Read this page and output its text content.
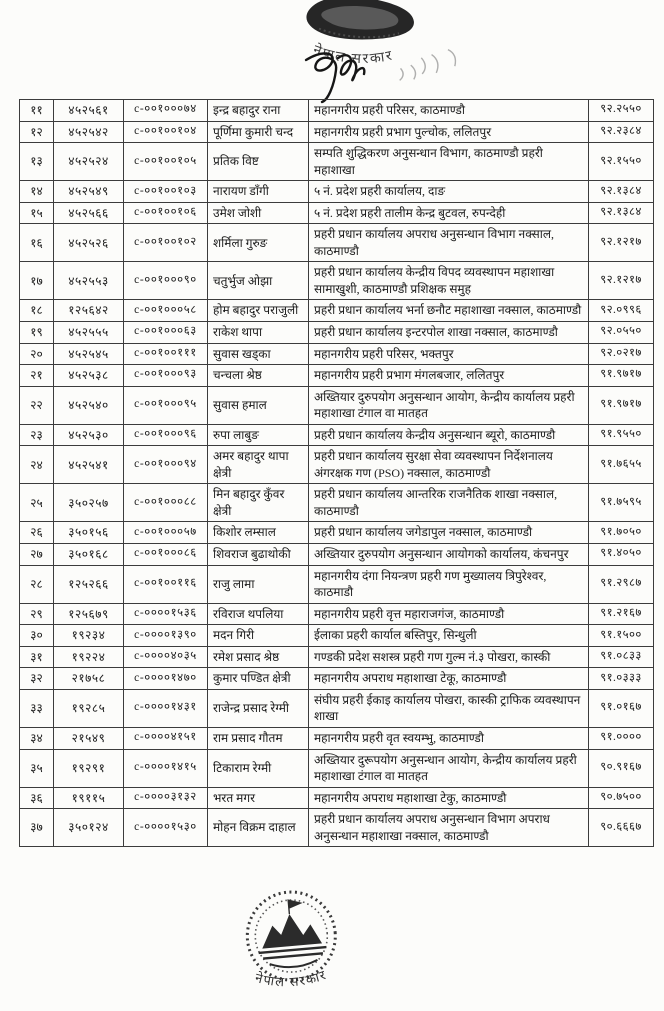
नेपाल सरकार
११	४५२५६१	c-००१०००७४	इन्द्र बहादुर राना	महानगरीय प्रहरी परिसर, काठमाण्डौ	९२.२५५०
१२	४५२५४२	c-००१००१०४	पूर्णिमा कुमारी चन्द	महानगरीय प्रहरी प्रभाग पुल्चोक, ललितपुर	९२.२३८४
१३	४५२५२४	c-००१००१०५	प्रतिक विष्ट	सम्पति शुद्धिकरण अनुसन्धान विभाग, काठमाण्डौ प्रहरी महाशाखा	९२.१५५०
१४	४५२५४९	c-००१००१०३	नारायण डाँगी	५ नं. प्रदेश प्रहरी कार्यालय, दाङ	९२.१३८४
१५	४५२५६६	c-००१००१०६	उमेश जोशी	५ नं. प्रदेश प्रहरी तालीम केन्द्र बुटवल, रुपन्देही	९२.१३८४
१६	४५२५२६	c-००१००१०२	शर्मिला गुरुङ	प्रहरी प्रधान कार्यालय अपराध अनुसन्धान विभाग नक्साल, काठमाण्डौ	९२.१२१७
१७	४५२५५३	c-००१०००९०	चतुर्भुज ओझा	प्रहरी प्रधान कार्यालय केन्द्रीय विपद व्यवस्थापन महाशाखा सामाखुशी, काठमाण्डौ प्रशिक्षक समुह	९२.१२१७
१८	१२५६४२	c-००१०००५८	होम बहादुर पराजुली	प्रहरी प्रधान कार्यालय भर्ना छनौट महाशाखा नक्साल, काठमाण्डौ	९२.०९९६
१९	४५२५५५	c-००१०००६३	राकेश थापा	प्रहरी प्रधान कार्यालय इन्टरपोल शाखा नक्साल, काठमाण्डौ	९२.०५५०
२०	४५२५४५	c-००१००१११	सुवास खड्का	महानगरीय प्रहरी परिसर, भक्तपुर	९२.०२१७
२१	४५२५३८	c-००१०००९३	चन्चला श्रेष्ठ	महानगरीय प्रहरी प्रभाग मंगलबजार, ललितपुर	९१.९७१७
२२	४५२५४०	c-००१०००९५	सुवास हमाल	अख्तियार दुरुपयोग अनुसन्धान आयोग, केन्द्रीय कार्यालय प्रहरी महाशाखा टंगाल वा मातहत	९१.९७१७
२३	४५२५३०	c-००१०००९६	रुपा लाबुङ	प्रहरी प्रधान कार्यालय केन्द्रीय अनुसन्धान ब्यूरो, काठमाण्डौ	९१.९५५०
२४	४५२५४१	c-००१०००९४	अमर बहादुर थापा क्षेत्री	प्रहरी प्रधान कार्यालय सुरक्षा सेवा व्यवस्थापन निर्देशनालय अंगरक्षक गण (PSO) नक्साल, काठमाण्डौ	९१.७६५५
२५	३५०२५७	c-००१०००८८	मिन बहादुर कुँवर क्षेत्री	प्रहरी प्रधान कार्यालय आन्तरिक राजनैतिक शाखा नक्साल, काठमाण्डौ	९१.७५९५
२६	३५०१५६	c-००१०००५७	किशोर लम्साल	प्रहरी प्रधान कार्यालय जगेडापुल नक्साल, काठमाण्डौ	९१.७०५०
२७	३५०१६८	c-००१०००८६	शिवराज बुढाथोकी	अख्तियार दुरुपयोग अनुसन्धान आयोगको कार्यालय, कंचनपुर	९१.४०५०
२८	१२५२६६	c-००१००११६	राजु लामा	महानगरीय दंगा नियन्त्रण प्रहरी गण मुख्यालय त्रिपुरेश्वर, काठमाडौ	९१.२९८७
२९	१२५६७९	c-००००१५३६	रविराज थपलिया	महानगरीय प्रहरी वृत्त महाराजगंज, काठमाण्डौ	९१.२१६७
३०	१९२३४	c-००००१३९०	मदन गिरी	ईलाका प्रहरी कार्याल बस्तिपुर, सिन्धुली	९१.१५००
३१	१९२२४	c-००००४०३५	रमेश प्रसाद श्रेष्ठ	गण्डकी प्रदेश सशस्त्र प्रहरी गण गुल्म नं.३ पोखरा, कास्की	९१.०८३३
३२	२१७५८	c-००००१४७०	कुमार पण्डित क्षेत्री	महानगरीय अपराध महाशाखा टेकू, काठमाण्डौ	९१.०३३३
३३	१९२८५	c-००००१४३१	राजेन्द्र प्रसाद रेग्मी	संघीय प्रहरी ईकाइ कार्यालय पोखरा, कास्की ट्राफिक व्यवस्थापन शाखा	९१.०१६७
३४	२१५४९	c-००००४१५१	राम प्रसाद गौतम	महानगरीय प्रहरी वृत स्वयम्भु, काठमाण्डौ	९१.००००
३५	१९२९१	c-००००१४१५	टिकाराम रेग्मी	अख्तियार दुरूपयोग अनुसन्धान आयोग, केन्द्रीय कार्यालय प्रहरी महाशाखा टंगाल वा मातहत	९०.९१६७
३६	१९११५	c-००००३१३२	भरत मगर	महानगरीय अपराध महाशाखा टेकु, काठमाण्डौ	९०.७५००
३७	३५०१२४	c-००००१५३०	मोहन विक्रम दाहाल	प्रहरी प्रधान कार्यालय अपराध अनुसन्धान विभाग अपराध अनुसन्धान महाशाखा नक्साल, काठमाण्डौ	९०.६६६७
नेपाल सरकार
